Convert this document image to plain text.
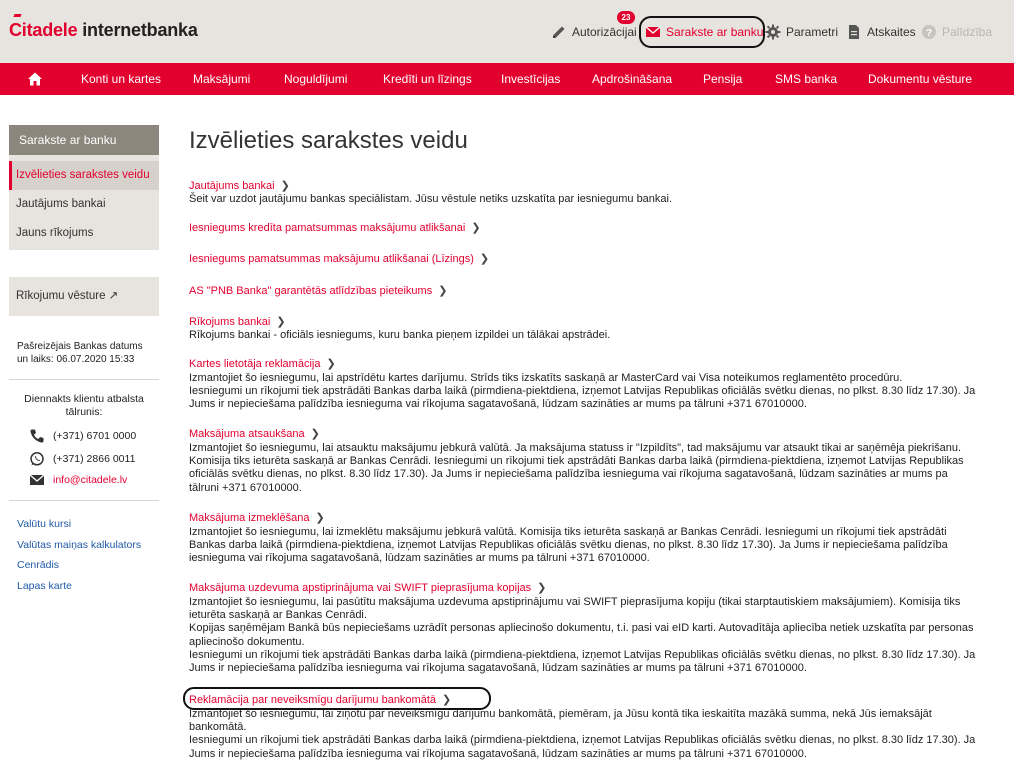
Citadele internetbanka	Autorizācijai
23
Sarakste ar banku Parametri Atskaites ? Palīdzība
Konti un kartes	Maksājumi	Noguldījumi	Kredīti un līzings Investīcijas	Apdrošināšana	Pensija	SMS banka	Dokumentu vēsture
Sarakste ar banku
Izvēlieties sarakstes veidu
Jautājums bankai
Jauns rīkojums
Rīkojumu vēsture ↗
Pašreizējais Bankas datums
un laiks: 06.07.2020 15:33
Diennakts klientu atbalsta
tālrunis:
(+371) 6701 0000
(+371) 2866 0011
info@citadele.lv
Valūtu kursi
Valūtas maiņas kalkulators
Cenrādis
Lapas karte
Izvēlieties sarakstes veidu
Jautājums bankai ❯
Šeit var uzdot jautājumu bankas speciālistam. Jūsu vēstule netiks uzskatīta par iesniegumu bankai.
Iesniegums kredīta pamatsummas maksājumu atlikšanai ❯
Iesniegums pamatsummas maksājumu atlikšanai (Līzings) ❯
AS "PNB Banka" garantētās atlīdzības pieteikums ❯
Rīkojums bankai ❯
Rīkojums bankai - oficiāls iesniegums, kuru banka pieņem izpildei un tālākai apstrādei.
Kartes lietotāja reklamācija ❯
Izmantojiet šo iesniegumu, lai apstrīdētu kartes darījumu. Strīds tiks izskatīts saskaņā ar MasterCard vai Visa noteikumos reglamentēto procedūru.
Iesniegumi un rīkojumi tiek apstrādāti Bankas darba laikā (pirmdiena-piektdiena, izņemot Latvijas Republikas oficiālās svētku dienas, no plkst. 8.30 līdz 17.30). Ja Jums ir nepieciešama palīdzība iesnieguma vai rīkojuma sagatavošanā, lūdzam sazināties ar mums pa tālruni +371 67010000.
Maksājuma atsaukšana ❯
Izmantojiet šo iesniegumu, lai atsauktu maksājumu jebkurā valūtā. Ja maksājuma statuss ir "Izpildīts", tad maksājumu var atsaukt tikai ar saņēmēja piekrišanu. Komisija tiks ieturēta saskaņā ar Bankas Cenrādi. Iesniegumi un rīkojumi tiek apstrādāti Bankas darba laikā (pirmdiena-piektdiena, izņemot Latvijas Republikas oficiālās svētku dienas, no plkst. 8.30 līdz 17.30). Ja Jums ir nepieciešama palīdzība iesnieguma vai rīkojuma sagatavošanā, lūdzam sazināties ar mums pa tālruni +371 67010000.
Maksājuma izmeklēšana ❯
Izmantojiet šo iesniegumu, lai izmeklētu maksājumu jebkurā valūtā. Komisija tiks ieturēta saskaņā ar Bankas Cenrādi. Iesniegumi un rīkojumi tiek apstrādāti Bankas darba laikā (pirmdiena-piektdiena, izņemot Latvijas Republikas oficiālās svētku dienas, no plkst. 8.30 līdz 17.30). Ja Jums ir nepieciešama palīdzība iesnieguma vai rīkojuma sagatavošanā, lūdzam sazināties ar mums pa tālruni +371 67010000.
Maksājuma uzdevuma apstiprinājuma vai SWIFT pieprasījuma kopijas ❯
Izmantojiet šo iesniegumu, lai pasūtītu maksājuma uzdevuma apstiprinājumu vai SWIFT pieprasījuma kopiju (tikai starptautiskiem maksājumiem). Komisija tiks ieturēta saskaņā ar Bankas Cenrādi.
Kopijas saņēmējam Bankā būs nepieciešams uzrādīt personas apliecinošo dokumentu, t.i. pasi vai eID karti. Autovadītāja apliecība netiek uzskatīta par personas apliecinošo dokumentu.
Iesniegumi un rīkojumi tiek apstrādāti Bankas darba laikā (pirmdiena-piektdiena, izņemot Latvijas Republikas oficiālās svētku dienas, no plkst. 8.30 līdz 17.30). Ja Jums ir nepieciešama palīdzība iesnieguma vai rīkojuma sagatavošanā, lūdzam sazināties ar mums pa tālruni +371 67010000.
Reklamācija par neveiksmīgu darījumu bankomātā ❯
Izmantojiet šo iesniegumu, lai ziņotu par neveiksmīgu darījumu bankomātā, piemēram, ja Jūsu kontā tika ieskaitīta mazākā summa, nekā Jūs iemaksājāt bankomātā.
Iesniegumi un rīkojumi tiek apstrādāti Bankas darba laikā (pirmdiena-piektdiena, izņemot Latvijas Republikas oficiālās svētku dienas, no plkst. 8.30 līdz 17.30). Ja Jums ir nepieciešama palīdzība iesnieguma vai rīkojuma sagatavošanā, lūdzam sazināties ar mums pa tālruni +371 67010000.
